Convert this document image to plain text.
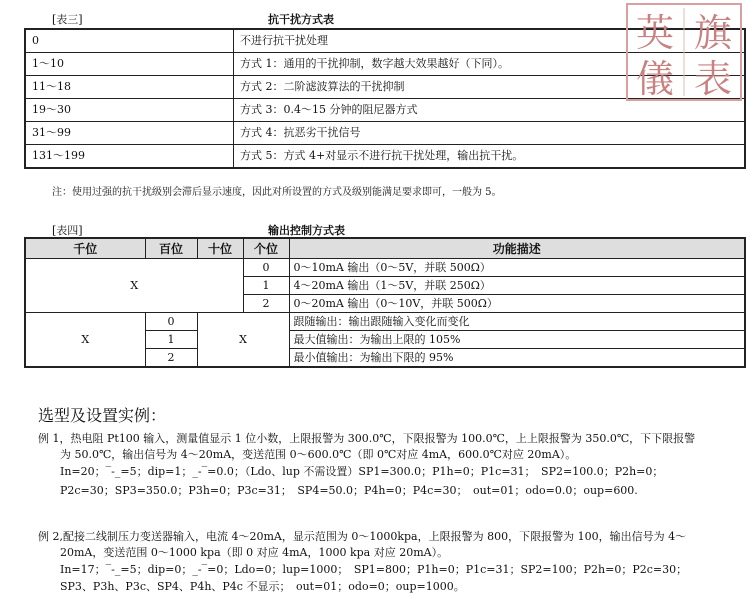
[表三]	抗干扰方式表
0	不进行抗干扰处理
1～10	方式 1：通用的干扰抑制，数字越大效果越好（下同）。
11～18	方式 2：二阶滤波算法的干扰抑制
19～30	方式 3：0.4～15 分钟的阻尼器方式
31～99	方式 4：抗恶劣干扰信号
131～199	方式 5：方式 4+对显示不进行抗干扰处理，输出抗干扰。
注：使用过强的抗干扰级别会滞后显示速度，因此对所设置的方式及级别能满足要求即可，一般为 5。
[表四]	输出控制方式表
千位	百位	十位	个位	功能描述
X			0	0～10mA 输出（0～5V，并联 500Ω）
			1	4～20mA 输出（1～5V，并联 250Ω）
			2	0～20mA 输出（0～10V，并联 500Ω）
X	0	X		跟随输出：输出跟随输入变化而变化
	1			最大值输出：为输出上限的 105%
	2			最小值输出：为输出下限的 95%
选型及设置实例：
例 1，热电阻 Pt100 输入，测量值显示 1 位小数，上限报警为 300.0℃，下限报警为 100.0℃，上上限报警为 350.0℃，下下限报警
为 50.0℃，输出信号为 4～20mA，变送范围 0～600.0℃（即 0℃对应 4mA，600.0℃对应 20mA）。
In=20；‾-_=5；dip=1；_-‾=0.0；（Ldo、lup 不需设置）SP1=300.0；P1h=0；P1c=31；　SP2=100.0；P2h=0；
P2c=30；SP3=350.0；P3h=0；P3c=31；　SP4=50.0；P4h=0；P4c=30；　out=01；odo=0.0；oup=600.
例 2,配接二线制压力变送器输入，电流 4～20mA，显示范围为 0～1000kpa，上限报警为 800，下限报警为 100，输出信号为 4～
20mA，变送范围 0～1000 kpa（即 0 对应 4mA，1000 kpa 对应 20mA）。
In=17；‾-_=5；dip=0；_-‾=0；Ldo=0；lup=1000；　SP1=800；P1h=0；P1c=31；SP2=100；P2h=0；P2c=30；
SP3、P3h、P3c、SP4、P4h、P4c 不显示；　out=01；odo=0；oup=1000。
英 旗
儀 表
